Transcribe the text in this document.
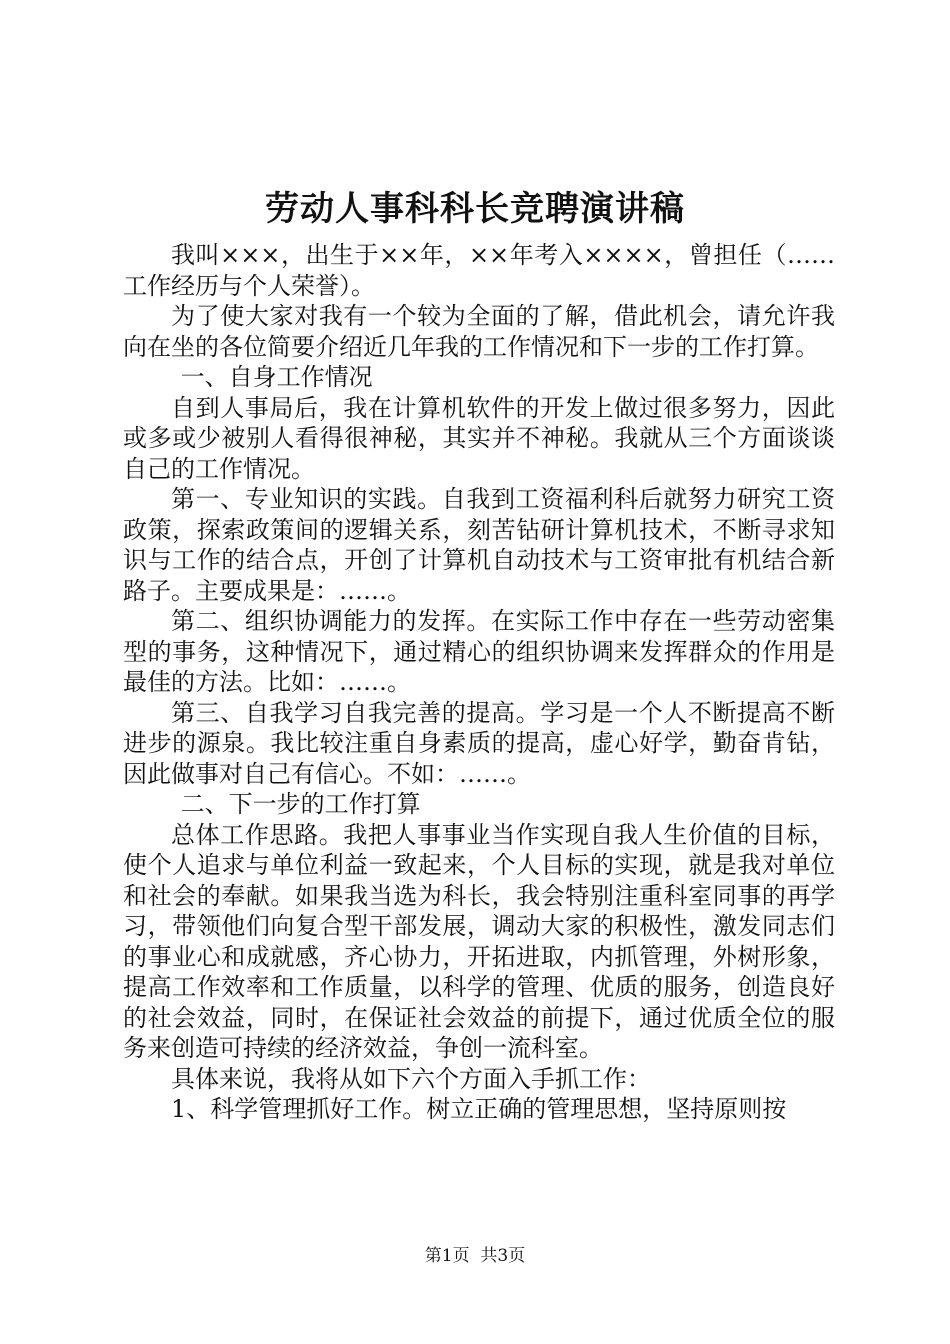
劳动人事科科长竞聘演讲稿

我叫×××，出生于××年，××年考入××××，曾担任（……工作经历与个人荣誉）。

为了使大家对我有一个较为全面的了解，借此机会，请允许我向在坐的各位简要介绍近几年我的工作情况和下一步的工作打算。

一、自身工作情况

自到人事局后，我在计算机软件的开发上做过很多努力，因此或多或少被别人看得很神秘，其实并不神秘。我就从三个方面谈谈自己的工作情况。

第一、专业知识的实践。自我到工资福利科后就努力研究工资政策，探索政策间的逻辑关系，刻苦钻研计算机技术，不断寻求知识与工作的结合点，开创了计算机自动技术与工资审批有机结合新路子。主要成果是：……。

第二、组织协调能力的发挥。在实际工作中存在一些劳动密集型的事务，这种情况下，通过精心的组织协调来发挥群众的作用是最佳的方法。比如：……。

第三、自我学习自我完善的提高。学习是一个人不断提高不断进步的源泉。我比较注重自身素质的提高，虚心好学，勤奋肯钻，因此做事对自己有信心。不如：……。

二、下一步的工作打算

总体工作思路。我把人事事业当作实现自我人生价值的目标，使个人追求与单位利益一致起来，个人目标的实现，就是我对单位和社会的奉献。如果我当选为科长，我会特别注重科室同事的再学习，带领他们向复合型干部发展，调动大家的积极性，激发同志们的事业心和成就感，齐心协力，开拓进取，内抓管理，外树形象，提高工作效率和工作质量，以科学的管理、优质的服务，创造良好的社会效益，同时，在保证社会效益的前提下，通过优质全位的服务来创造可持续的经济效益，争创一流科室。

具体来说，我将从如下六个方面入手抓工作：

1、科学管理抓好工作。树立正确的管理思想，坚持原则按

第1页  共3页
